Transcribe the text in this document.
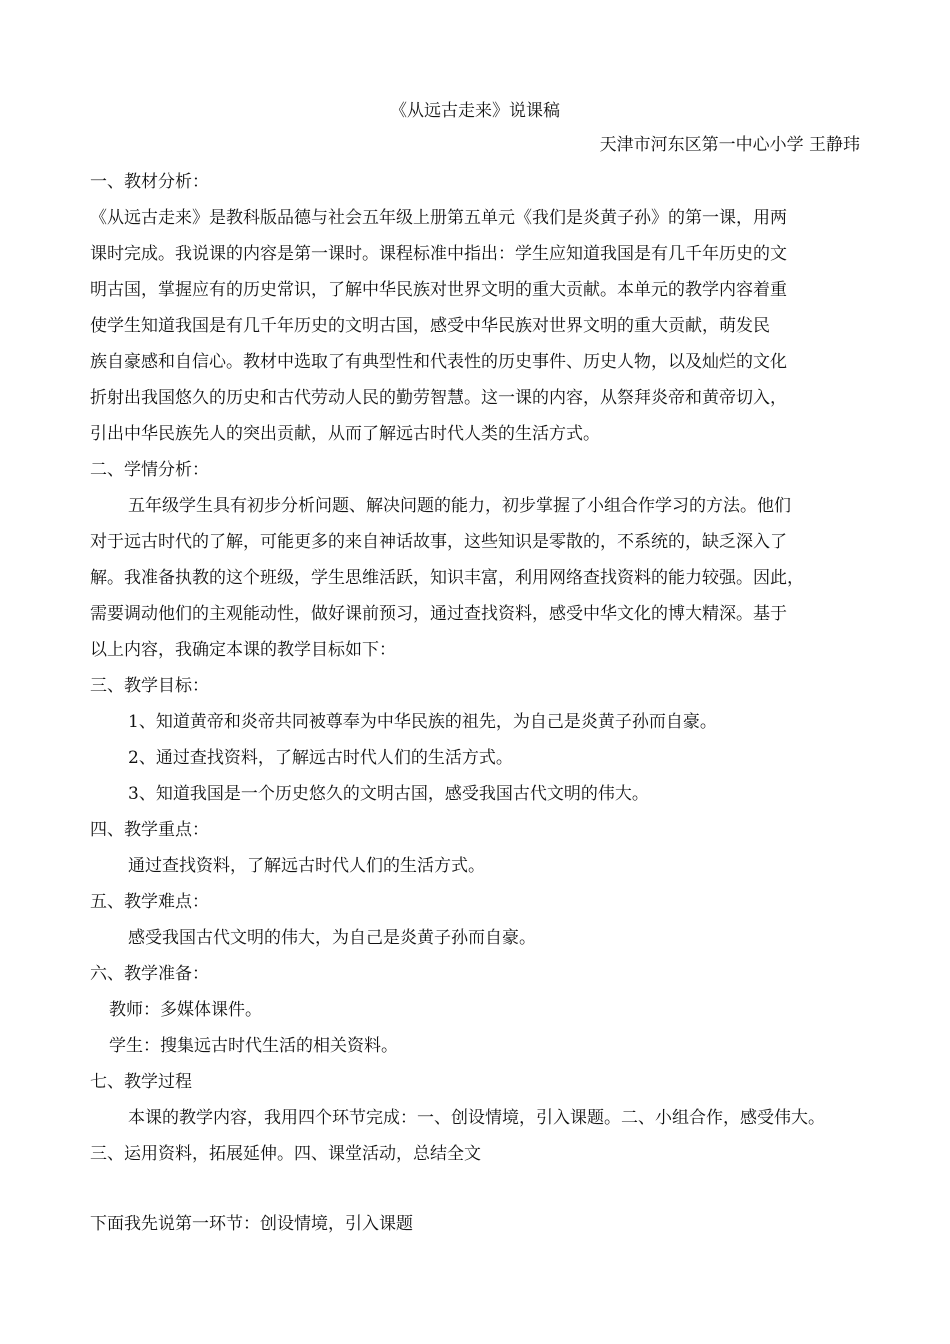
《从远古走来》说课稿
天津市河东区第一中心小学 王静玮
一、教材分析：
《从远古走来》是教科版品德与社会五年级上册第五单元《我们是炎黄子孙》的第一课，用两
课时完成。我说课的内容是第一课时。课程标准中指出：学生应知道我国是有几千年历史的文
明古国，掌握应有的历史常识，了解中华民族对世界文明的重大贡献。本单元的教学内容着重
使学生知道我国是有几千年历史的文明古国，感受中华民族对世界文明的重大贡献，萌发民
族自豪感和自信心。教材中选取了有典型性和代表性的历史事件、历史人物，以及灿烂的文化
折射出我国悠久的历史和古代劳动人民的勤劳智慧。这一课的内容，从祭拜炎帝和黄帝切入，
引出中华民族先人的突出贡献，从而了解远古时代人类的生活方式。
二、学情分析：
五年级学生具有初步分析问题、解决问题的能力，初步掌握了小组合作学习的方法。他们
对于远古时代的了解，可能更多的来自神话故事，这些知识是零散的，不系统的，缺乏深入了
解。我准备执教的这个班级，学生思维活跃，知识丰富，利用网络查找资料的能力较强。因此，
需要调动他们的主观能动性，做好课前预习，通过查找资料，感受中华文化的博大精深。基于
以上内容，我确定本课的教学目标如下：
三、教学目标：
1、知道黄帝和炎帝共同被尊奉为中华民族的祖先，为自己是炎黄子孙而自豪。
2、通过查找资料，了解远古时代人们的生活方式。
3、知道我国是一个历史悠久的文明古国，感受我国古代文明的伟大。
四、教学重点：
通过查找资料，了解远古时代人们的生活方式。
五、教学难点：
感受我国古代文明的伟大，为自己是炎黄子孙而自豪。
六、教学准备：
教师：多媒体课件。
学生：搜集远古时代生活的相关资料。
七、教学过程
本课的教学内容，我用四个环节完成：一、创设情境，引入课题。二、小组合作，感受伟大。
三、运用资料，拓展延伸。四、课堂活动，总结全文
下面我先说第一环节：创设情境，引入课题
